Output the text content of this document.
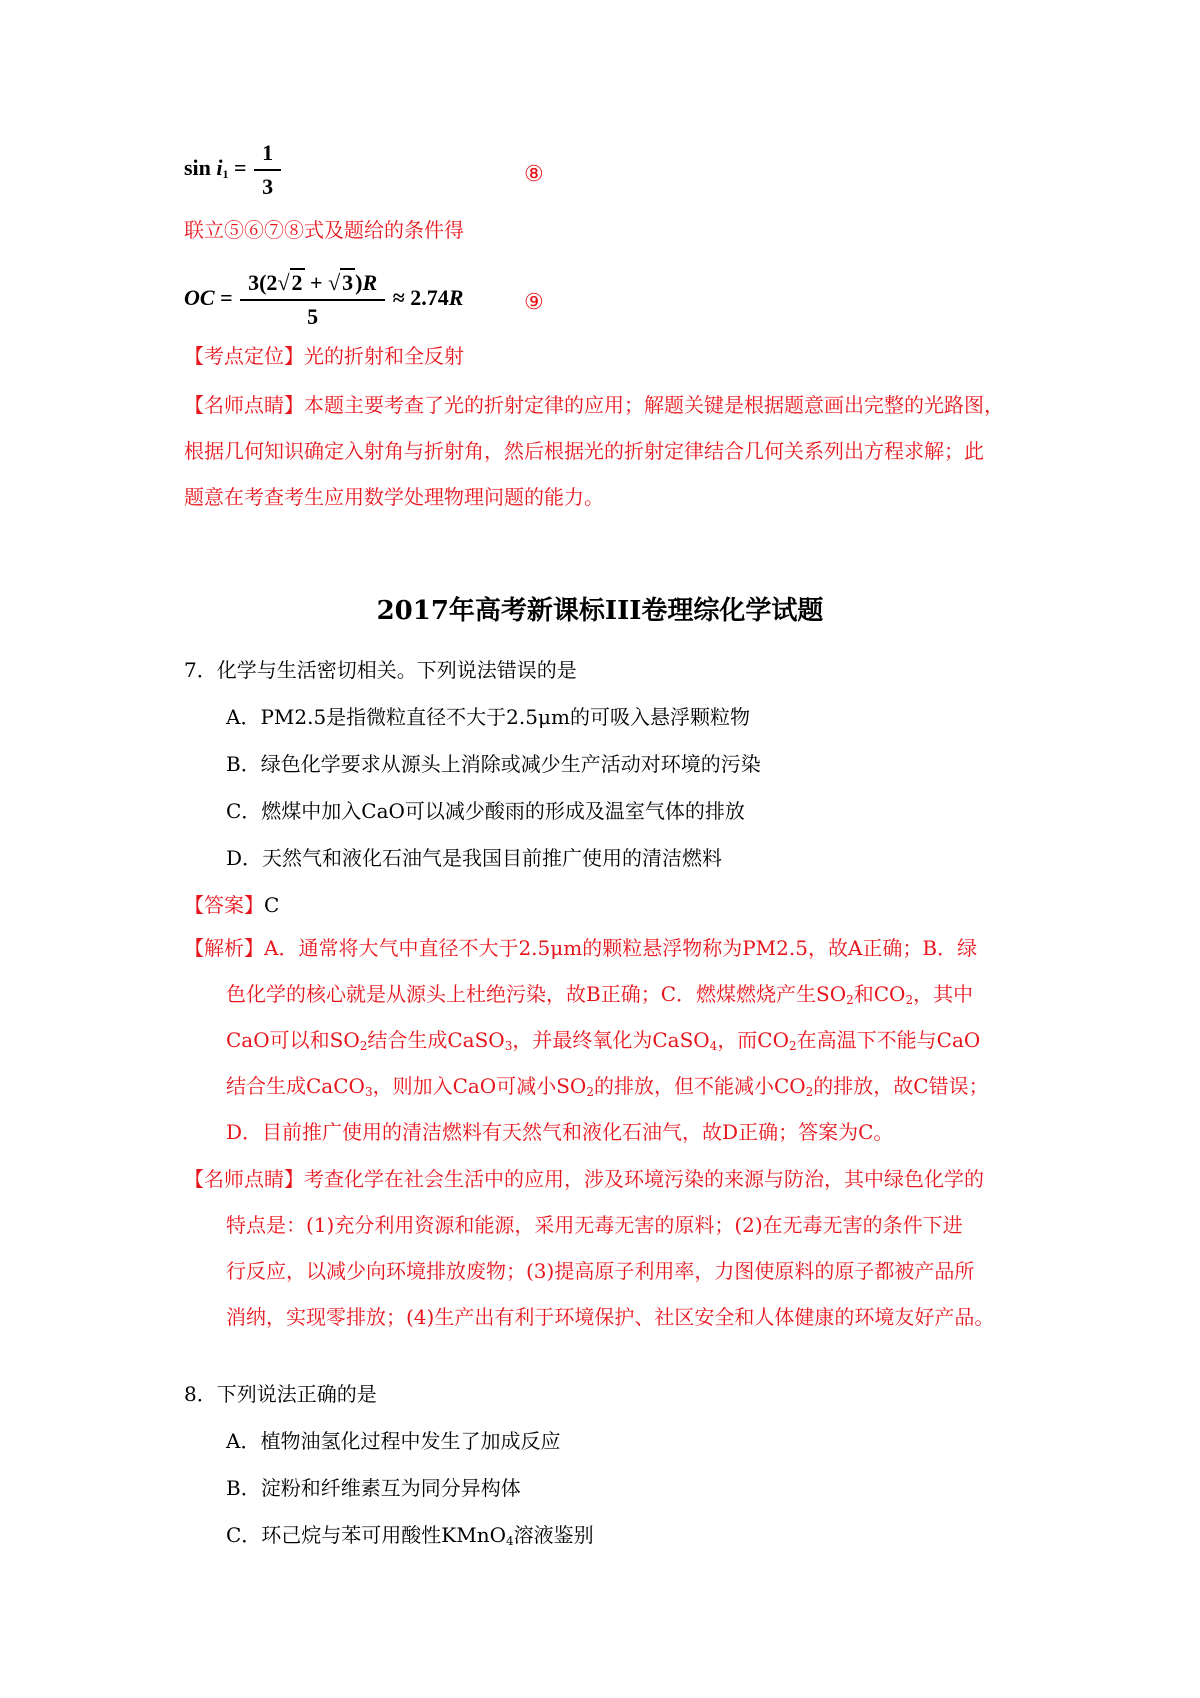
$\sin i_1 = \frac{1}{3}$	⑧
联立⑤⑥⑦⑧式及题给的条件得
OC = $\frac{3(2√2 + √3)R}{5} \approx 2.74R$	⑨
【考点定位】光的折射和全反射
【名师点睛】本题主要考查了光的折射定律的应用；解题关键是根据题意画出完整的光路图，
根据几何知识确定入射角与折射角，然后根据光的折射定律结合几何关系列出方程求解；此
题意在考查考生应用数学处理物理问题的能力。
2017年高考新课标III卷理综化学试题
7．化学与生活密切相关。下列说法错误的是
A．PM2.5是指微粒直径不大于2.5μm的可吸入悬浮颗粒物
B．绿色化学要求从源头上消除或减少生产活动对环境的污染
C．燃煤中加入CaO可以减少酸雨的形成及温室气体的排放
D．天然气和液化石油气是我国目前推广使用的清洁燃料
【答案】C
【解析】A．通常将大气中直径不大于2.5μm的颗粒悬浮物称为PM2.5，故A正确；B．绿
色化学的核心就是从源头上杜绝污染，故B正确；C．燃煤燃烧产生$SO_2$和$CO_2$，其中
CaO可以和$SO_2$结合生成CaSO$_3$，并最终氧化为CaSO$_4$，而$CO_2$在高温下不能与CaO
结合生成CaCO$_3$，则加入CaO可减小$SO_2$的排放，但不能减小$CO_2$的排放，故C错误；
D．目前推广使用的清洁燃料有天然气和液化石油气，故D正确；答案为C。
【名师点睛】考查化学在社会生活中的应用，涉及环境污染的来源与防治，其中绿色化学的
特点是：(1)充分利用资源和能源，采用无毒无害的原料；(2)在无毒无害的条件下进
行反应，以减少向环境排放废物；(3)提高原子利用率，力图使原料的原子都被产品所
消纳，实现零排放；(4)生产出有利于环境保护、社区安全和人体健康的环境友好产品。
8．下列说法正确的是
A．植物油氢化过程中发生了加成反应
B．淀粉和纤维素互为同分异构体
C．环己烷与苯可用酸性KMnO$_4$溶液鉴别
